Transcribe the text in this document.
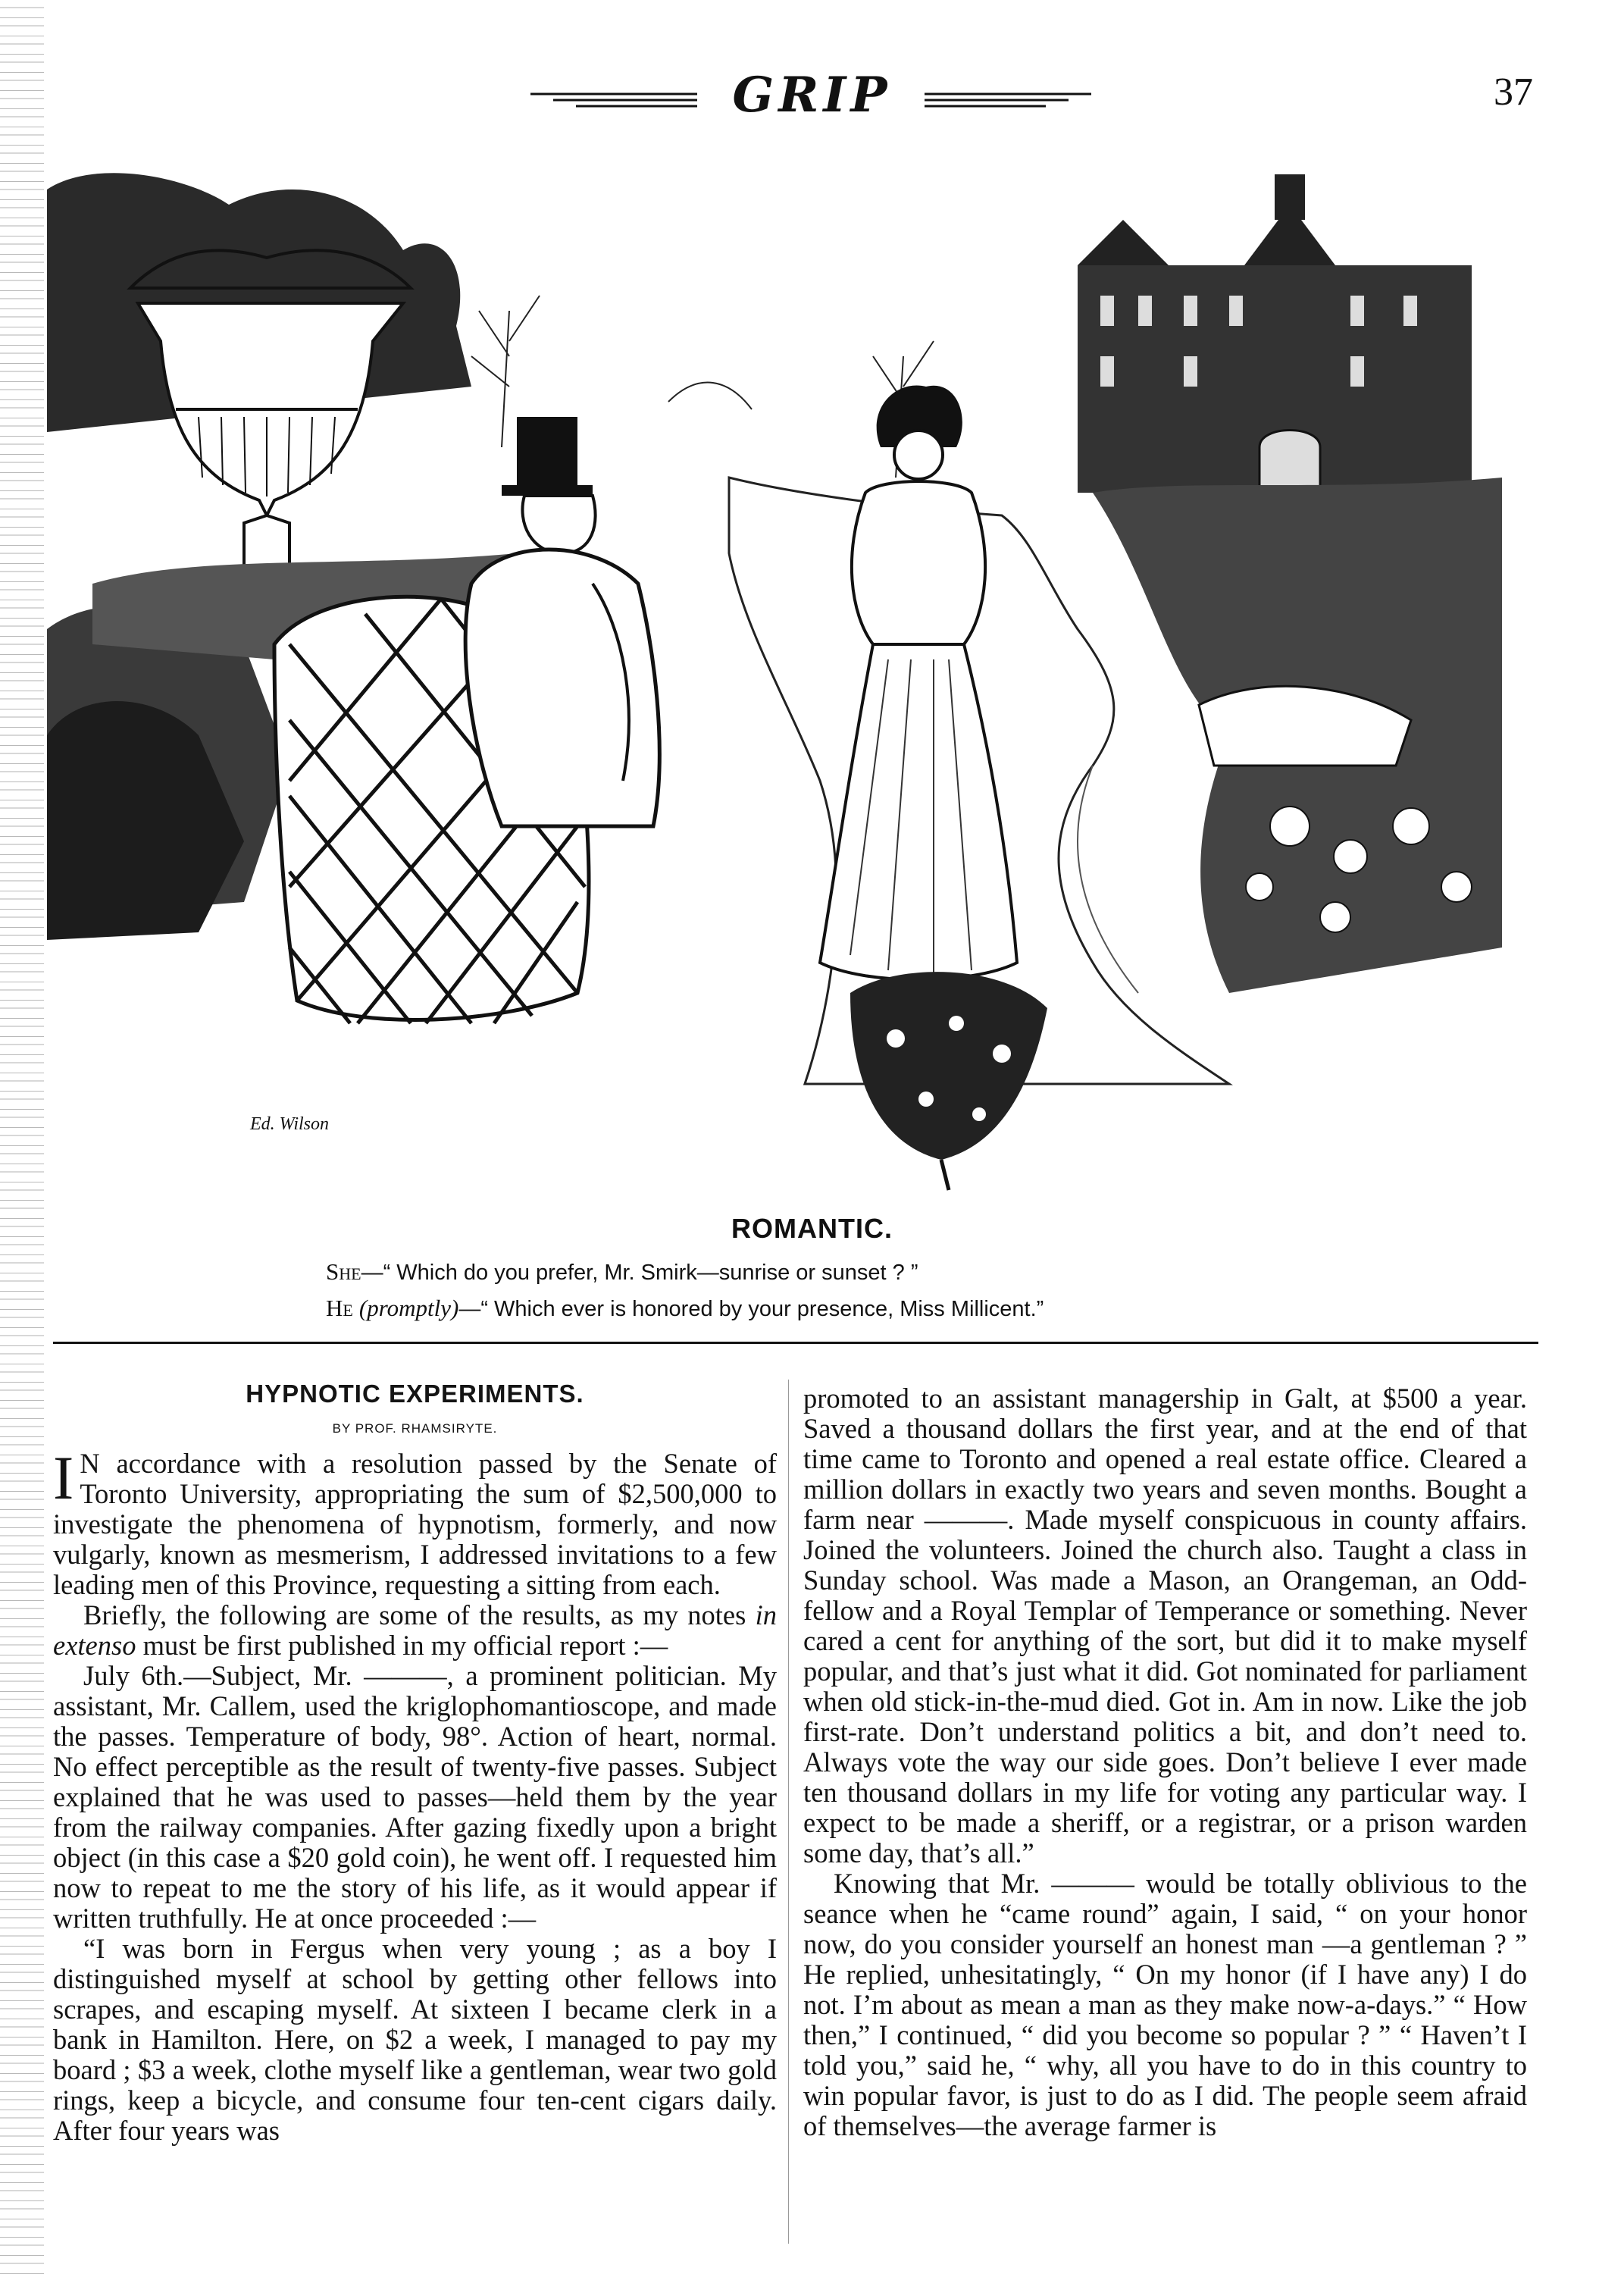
GRIP	37
Ed. Wilson
ROMANTIC.
She—“ Which do you prefer, Mr. Smirk—sunrise or sunset ? ”
He (promptly)—“ Which ever is honored by your presence, Miss Millicent.”
HYPNOTIC EXPERIMENTS.
BY PROF. RHAMSIRYTE.

I N accordance with a resolution passed by the Senate of Toronto University, appropriating the sum of $2,500,000 to investigate the phenomena of hypnotism, formerly, and now vulgarly, known as mesmerism, I addressed invitations to a few leading men of this Province, requesting a sitting from each.

Briefly, the following are some of the results, as my notes in extenso must be first published in my official report :—

July 6th.—Subject, Mr. ———, a prominent politician. My assistant, Mr. Callem, used the kriglophomantioscope, and made the passes. Temperature of body, 98°. Action of heart, normal. No effect perceptible as the result of twenty-five passes. Subject explained that he was used to passes—held them by the year from the railway companies. After gazing fixedly upon a bright object (in this case a $20 gold coin), he went off. I requested him now to repeat to me the story of his life, as it would appear if written truthfully. He at once proceeded :—

“I was born in Fergus when very young ; as a boy I distinguished myself at school by getting other fellows into scrapes, and escaping myself. At sixteen I became clerk in a bank in Hamilton. Here, on $2 a week, I managed to pay my board ; $3 a week, clothe myself like a gentleman, wear two gold rings, keep a bicycle, and consume four ten-cent cigars daily. After four years was

promoted to an assistant managership in Galt, at $500 a year. Saved a thousand dollars the first year, and at the end of that time came to Toronto and opened a real estate office. Cleared a million dollars in exactly two years and seven months. Bought a farm near ———. Made myself conspicuous in county affairs. Joined the volunteers. Joined the church also. Taught a class in Sunday school. Was made a Mason, an Orangeman, an Odd-fellow and a Royal Templar of Temperance or something. Never cared a cent for anything of the sort, but did it to make myself popular, and that’s just what it did. Got nominated for parliament when old stick-in-the-mud died. Got in. Am in now. Like the job first-rate. Don’t understand politics a bit, and don’t need to. Always vote the way our side goes. Don’t believe I ever made ten thousand dollars in my life for voting any particular way. I expect to be made a sheriff, or a registrar, or a prison warden some day, that’s all.”

Knowing that Mr. ——— would be totally oblivious to the seance when he “came round” again, I said, “ on your honor now, do you consider yourself an honest man —a gentleman ? ” He replied, unhesitatingly, “ On my honor (if I have any) I do not. I’m about as mean a man as they make now-a-days.” “ How then,” I continued, “ did you become so popular ? ” “ Haven’t I told you,” said he, “ why, all you have to do in this country to win popular favor, is just to do as I did. The people seem afraid of themselves—the average farmer is
